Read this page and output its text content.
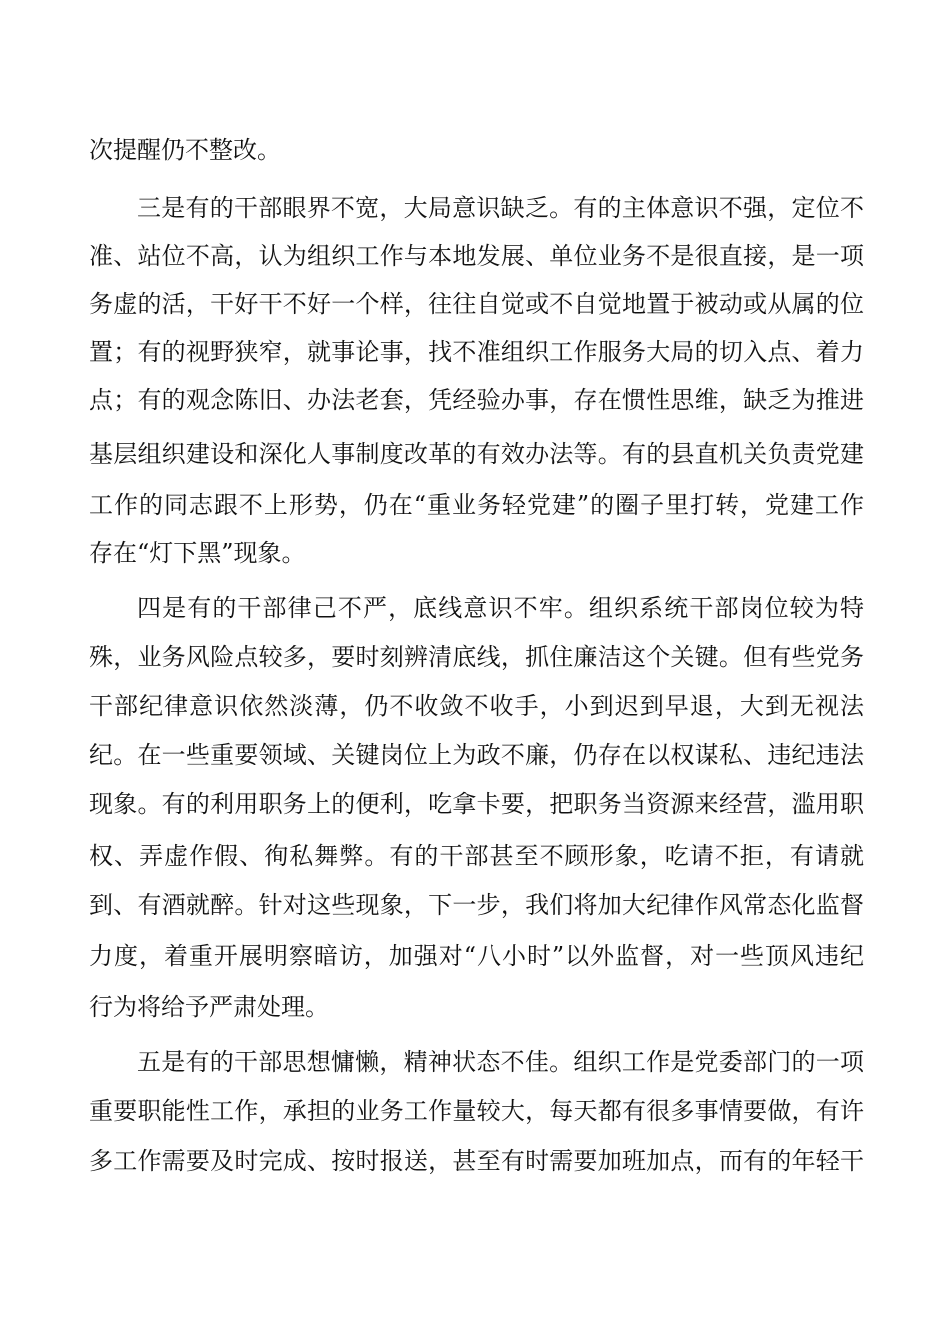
次提醒仍不整改。
三是有的干部眼界不宽，大局意识缺乏。有的主体意识不强，定位不
准、站位不高，认为组织工作与本地发展、单位业务不是很直接，是一项
务虚的活，干好干不好一个样，往往自觉或不自觉地置于被动或从属的位
置；有的视野狭窄，就事论事，找不准组织工作服务大局的切入点、着力
点；有的观念陈旧、办法老套，凭经验办事，存在惯性思维，缺乏为推进
基层组织建设和深化人事制度改革的有效办法等。有的县直机关负责党建
工作的同志跟不上形势，仍在“重业务轻党建”的圈子里打转，党建工作
存在“灯下黑”现象。
四是有的干部律己不严，底线意识不牢。组织系统干部岗位较为特
殊，业务风险点较多，要时刻辨清底线，抓住廉洁这个关键。但有些党务
干部纪律意识依然淡薄，仍不收敛不收手，小到迟到早退，大到无视法
纪。在一些重要领域、关键岗位上为政不廉，仍存在以权谋私、违纪违法
现象。有的利用职务上的便利，吃拿卡要，把职务当资源来经营，滥用职
权、弄虚作假、徇私舞弊。有的干部甚至不顾形象，吃请不拒，有请就
到、有酒就醉。针对这些现象，下一步，我们将加大纪律作风常态化监督
力度，着重开展明察暗访，加强对“八小时”以外监督，对一些顶风违纪
行为将给予严肃处理。
五是有的干部思想慵懒，精神状态不佳。组织工作是党委部门的一项
重要职能性工作，承担的业务工作量较大，每天都有很多事情要做，有许
多工作需要及时完成、按时报送，甚至有时需要加班加点，而有的年轻干
